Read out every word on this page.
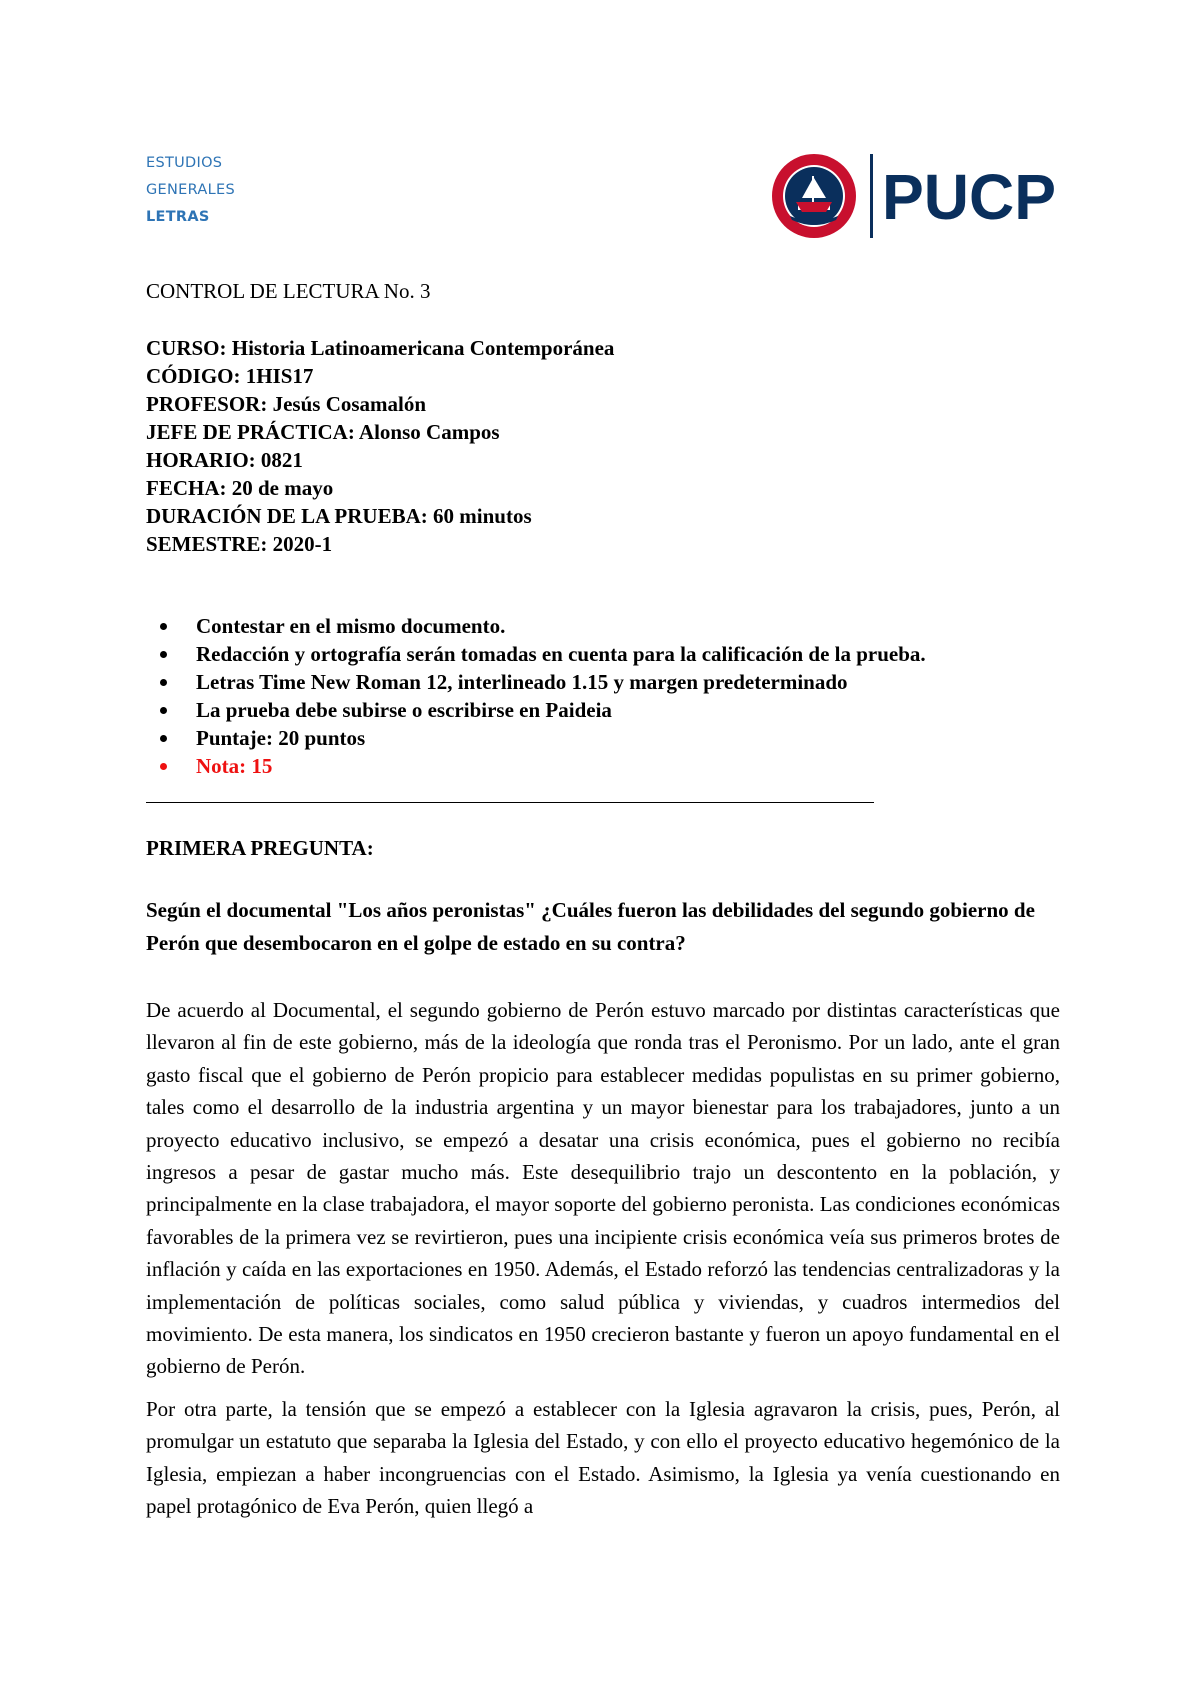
ESTUDIOS
GENERALES
LETRAS	PUCP
CONTROL DE LECTURA No. 3
CURSO: Historia Latinoamericana Contemporánea
CÓDIGO: 1HIS17
PROFESOR: Jesús Cosamalón
JEFE DE PRÁCTICA: Alonso Campos
HORARIO: 0821
FECHA: 20 de mayo
DURACIÓN DE LA PRUEBA: 60 minutos
SEMESTRE: 2020-1
Contestar en el mismo documento.
Redacción y ortografía serán tomadas en cuenta para la calificación de la prueba.
Letras Time New Roman 12, interlineado 1.15 y margen predeterminado
La prueba debe subirse o escribirse en Paideia
Puntaje: 20 puntos
Nota: 15
PRIMERA PREGUNTA:
Según el documental "Los años peronistas" ¿Cuáles fueron las debilidades del segundo gobierno de Perón que desembocaron en el golpe de estado en su contra?

De acuerdo al Documental, el segundo gobierno de Perón estuvo marcado por distintas características que llevaron al fin de este gobierno, más de la ideología que ronda tras el Peronismo. Por un lado, ante el gran gasto fiscal que el gobierno de Perón propicio para establecer medidas populistas en su primer gobierno, tales como el desarrollo de la industria argentina y un mayor bienestar para los trabajadores, junto a un proyecto educativo inclusivo, se empezó a desatar una crisis económica, pues el gobierno no recibía ingresos a pesar de gastar mucho más. Este desequilibrio trajo un descontento en la población, y principalmente en la clase trabajadora, el mayor soporte del gobierno peronista. Las condiciones económicas favorables de la primera vez se revirtieron, pues una incipiente crisis económica veía sus primeros brotes de inflación y caída en las exportaciones en 1950. Además, el Estado reforzó las tendencias centralizadoras y la implementación de políticas sociales, como salud pública y viviendas, y cuadros intermedios del movimiento. De esta manera, los sindicatos en 1950 crecieron bastante y fueron un apoyo fundamental en el gobierno de Perón.

Por otra parte, la tensión que se empezó a establecer con la Iglesia agravaron la crisis, pues, Perón, al promulgar un estatuto que separaba la Iglesia del Estado, y con ello el proyecto educativo hegemónico de la Iglesia, empiezan a haber incongruencias con el Estado. Asimismo, la Iglesia ya venía cuestionando en papel protagónico de Eva Perón, quien llegó a
